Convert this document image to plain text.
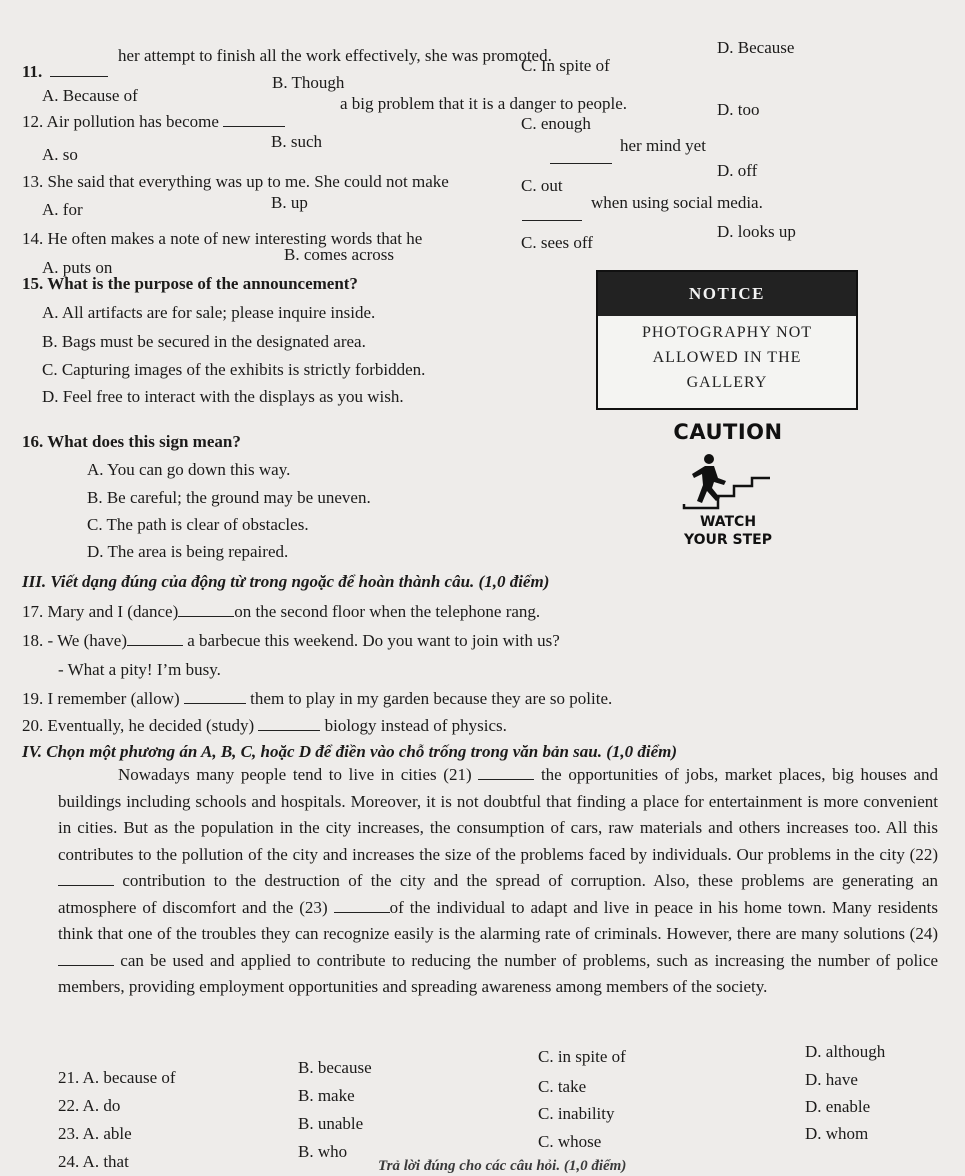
11.
her attempt to finish all the work effectively, she was promoted.
A. Because of
B. Though
C. In spite of
D. Because
12. Air pollution has become
a big problem that it is a danger to people.
A. so
B. such
C. enough
D. too
13. She said that everything was up to me. She could not make
her mind yet
A. for	B. up
C. out
D. off
14. He often makes a note of new interesting words that he
when using social media.
A. puts on
B. comes across
C. sees off
D. looks up
15. What is the purpose of the announcement?
A. All artifacts are for sale; please inquire inside.
B. Bags must be secured in the designated area.
C. Capturing images of the exhibits is strictly forbidden.
D. Feel free to interact with the displays as you wish.
NOTICE
PHOTOGRAPHY NOT
ALLOWED IN THE
GALLERY
16. What does this sign mean?
A. You can go down this way.
B. Be careful; the ground may be uneven.
C. The path is clear of obstacles.
D. The area is being repaired.
CAUTION
WATCH
YOUR STEP
III. Viết dạng đúng của động từ trong ngoặc để hoàn thành câu. (1,0 điểm)
17. Mary and I (dance)	on the second floor when the telephone rang.
18. - We (have)	a barbecue this weekend. Do you want to join with us?
- What a pity! I’m busy.
19. I remember (allow)	them to play in my garden because they are so polite.
20. Eventually, he decided (study)	biology instead of physics.
IV. Chọn một phương án A, B, C, hoặc D để điền vào chỗ trống trong văn bản sau. (1,0 điểm)
Nowadays many people tend to live in cities (21)	the opportunities of jobs, market places, big houses and buildings including schools and hospitals. Moreover, it is not doubtful that finding a place for entertainment is more convenient in cities. But as the population in the city increases, the consumption of cars, raw materials and others increases too. All this contributes to the pollution of the city and increases the size of the problems faced by individuals. Our problems in the city (22)  contribution to the destruction of the city and the spread of corruption. Also, these problems are generating an atmosphere of discomfort and the (23)	of the individual to adapt and live in peace in his home town. Many residents think that one of the troubles they can recognize easily is the alarming rate of criminals. However, there are many solutions (24)  can be used and applied to contribute to reducing the number of problems, such as increasing the number of police members, providing employment opportunities and spreading awareness among members of the society.
21. A. because of
B. because
C. in spite of	D. although
22. A. do
B. make	C. take	D. have
23. A. able
B. unable
C. inability	D. enable
24. A. that
B. who
C. whose	D. whom
Trả lời đúng cho các câu hỏi. (1,0 điểm)
